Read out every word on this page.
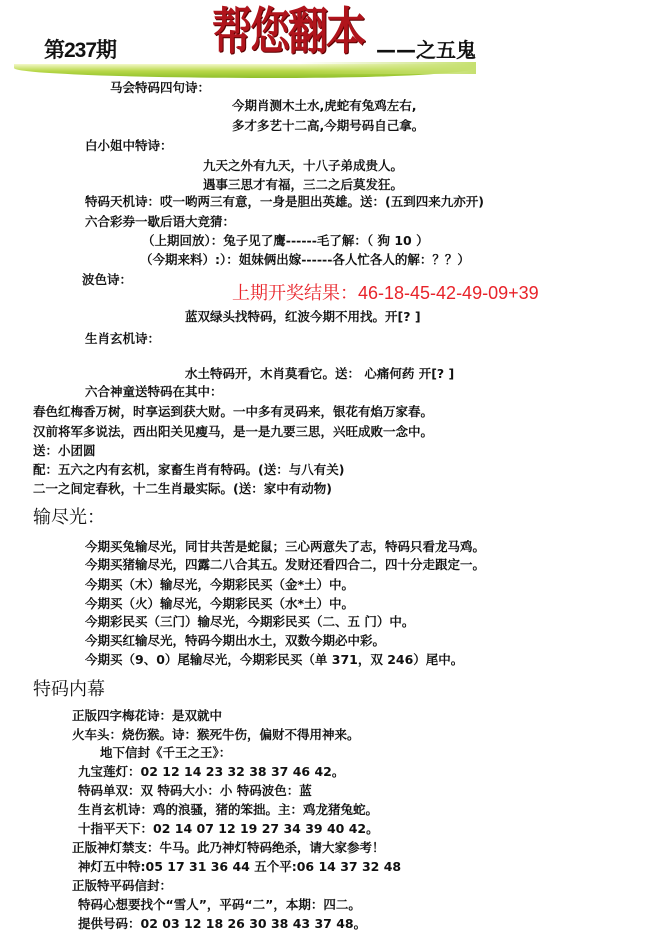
第237期 帮您翻本 ——之五鬼
马会特码四句诗：
今期肖测木土水,虎蛇有兔鸡左右,
多才多艺十二高,今期号码自己拿。
白小姐中特诗：
九天之外有九天，十八子弟成贵人。
遇事三思才有福，三二之后莫发狂。
特码天机诗：哎一哟两三有意，一身是胆出英雄。送：(五到四来九亦开)
六合彩券一歇后语大竞猜：
（上期回放）：兔子见了鹰------毛了解：（ 狗 10 ）
（今期来料）:）：姐妹俩出嫁------各人忙各人的解：？？）
波色诗：
上期开奖结果：46-18-45-42-49-09+39
蓝双绿头找特码，红波今期不用找。开[? ]
生肖玄机诗：
水土特码开，木肖莫看它。送： 心痛何药 开[? ]
六合神童送特码在其中：
春色红梅香万树，时享运到获大财。一中多有灵码来，银花有焰万家春。
汉前将军多说法，西出阳关见瘦马，是一是九要三思，兴旺成败一念中。
送：小团圆
配：五六之内有玄机，家畜生肖有特码。(送：与八有关)
二一之间定春秋，十二生肖最实际。(送：家中有动物)
输尽光：
今期买兔输尽光，同甘共苦是蛇鼠；三心两意失了志，特码只看龙马鸡。
今期买猪输尽光，四露二八合其五。发财还看四合二，四十分走跟定一。
今期买（木）输尽光，今期彩民买（金*土）中。
今期买（火）输尽光，今期彩民买（水*土）中。
今期彩民买（三门）输尽光，今期彩民买（二、五 门）中。
今期买红输尽光，特码今期出水土，双数今期必中彩。
今期买（9、0）尾输尽光，今期彩民买（单 371，双 246）尾中。
特码内幕
正版四字梅花诗：是双就中
火车头：烧伤猴。诗：猴死牛伤，偏财不得用神来。
地下信封《千王之王》：
九宝莲灯：02 12 14 23 32 38 37 46 42。
特码单双：双 特码大小：小 特码波色：蓝
生肖玄机诗：鸡的浪骚，猪的笨拙。主：鸡龙猪兔蛇。
十指平天下：02 14 07 12 19 27 34 39 40 42。
正版神灯禁支：牛马。此乃神灯特码绝杀，请大家参考！
神灯五中特:05 17 31 36 44 五个平:06 14 37 32 48
正版特平码信封：
特码心想要找个“雪人”，平码“二”，本期：四二。
提供号码：02 03 12 18 26 30 38 43 37 48。
